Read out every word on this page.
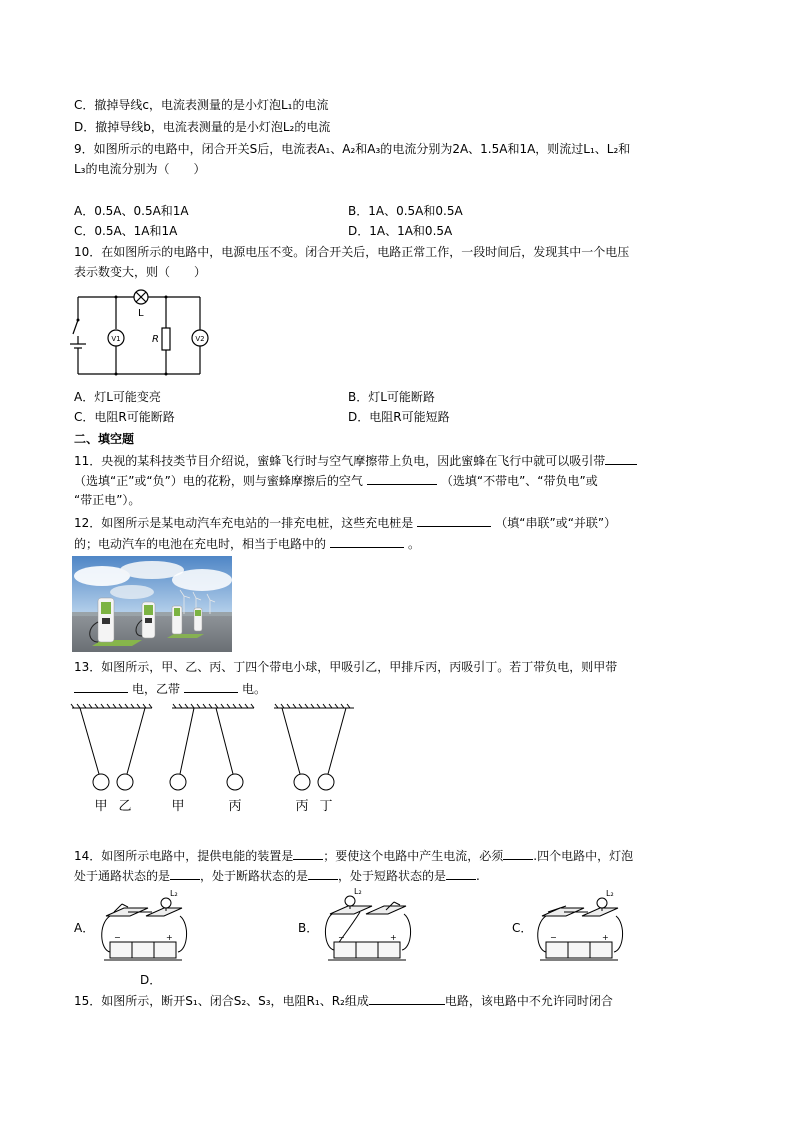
C．撤掉导线c，电流表测量的是小灯泡L₁的电流
D．撤掉导线b，电流表测量的是小灯泡L₂的电流
9．如图所示的电路中，闭合开关S后，电流表A₁、A₂和A₃的电流分别为2A、1.5A和1A，则流过L₁、L₂和
L₃的电流分别为（　　）
A．0.5A、0.5A和1A	B．1A、0.5A和0.5A
C．0.5A、1A和1A	D．1A、1A和0.5A
10．在如图所示的电路中，电源电压不变。闭合开关后，电路正常工作，一段时间后，发现其中一个电压
表示数变大，则（　　）
L
R
V1	V2
A．灯L可能变亮	B．灯L可能断路
C．电阻R可能断路	D．电阻R可能短路
二、填空题
11．央视的某科技类节目介绍说，蜜蜂飞行时与空气摩擦带上负电，因此蜜蜂在飞行中就可以吸引带
（选填“正”或“负”）电的花粉，则与蜜蜂摩擦后的空气	（选填“不带电”、“带负电”或
“带正电”）。
12．如图所示是某电动汽车充电站的一排充电桩，这些充电桩是	（填“串联”或“并联”）
的；电动汽车的电池在充电时，相当于电路中的	。
13．如图所示，甲、乙、丙、丁四个带电小球，甲吸引乙，甲排斥丙，丙吸引丁。若丁带负电，则甲带
电，乙带	电。
甲 乙	甲	丙	丙 丁
14．如图所示电路中，提供电能的装置是	；要使这个电路中产生电流，必须	.四个电路中，灯泡
处于通路状态的是	，处于断路状态的是	，处于短路状态的是	.
A．	B．	C．
D．
L₂
−	+
L₂
−	+
L₂
−	+
15．如图所示，断开S₁、闭合S₂、S₃，电阻R₁、R₂组成	电路，该电路中不允许同时闭合
